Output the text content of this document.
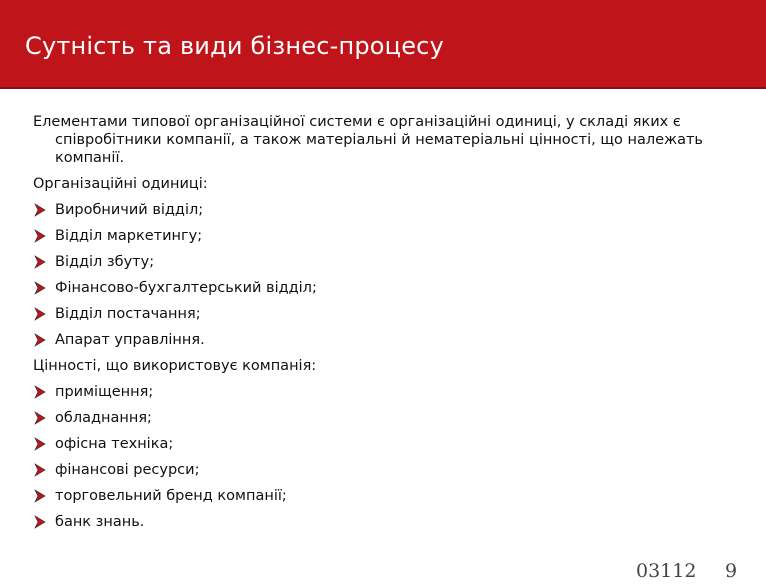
Сутність та види бізнес-процесу

Елементами типової організаційної системи є організаційні одиниці, у складі яких є співробітники компанії, а також матеріальні й нематеріальні цінності, що належать компанії.

Організаційні одиниці:

Виробничий відділ;
Відділ маркетингу;
Відділ збуту;
Фінансово-бухгалтерський відділ;
Відділ постачання;
Апарат управління.

Цінності, що використовує компанія:

приміщення;
обладнання;
офісна техніка;
фінансові ресурси;
торговельний бренд компанії;
банк знань.
03112 9
